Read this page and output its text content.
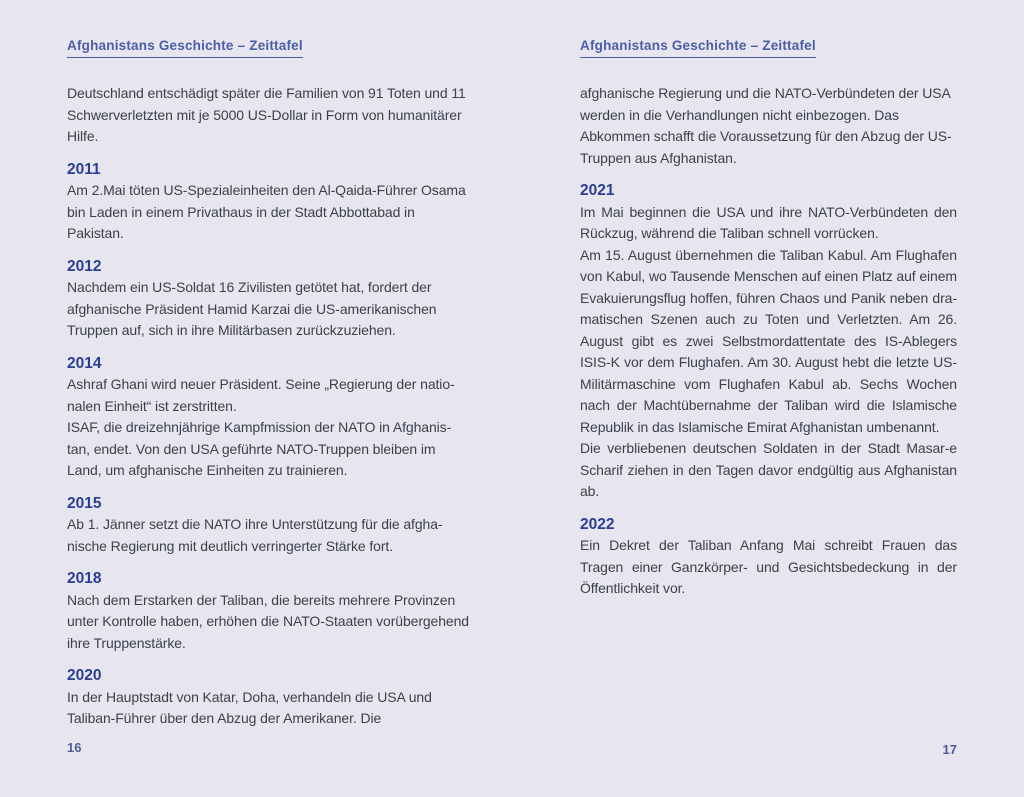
Afghanistans Geschichte – Zeittafel

Deutschland entschädigt später die Familien von 91 Toten und 11 Schwerverletzten mit je 5000 US-Dollar in Form von humanitärer Hilfe.

2011

Am 2.Mai töten US-Spezialeinheiten den Al-Qaida-Führer Osama bin Laden in einem Privathaus in der Stadt Abbottabad in Pakistan.

2012

Nachdem ein US-Soldat 16 Zivilisten getötet hat, fordert der afghanische Präsident Hamid Karzai die US-amerikanischen Truppen auf, sich in ihre Militärbasen zurückzuziehen.

2014

Ashraf Ghani wird neuer Präsident. Seine „Regierung der nationalen Einheit“ ist zerstritten.

ISAF, die dreizehnjährige Kampfmission der NATO in Afghanistan, endet. Von den USA geführte NATO-Truppen bleiben im Land, um afghanische Einheiten zu trainieren.

2015

Ab 1. Jänner setzt die NATO ihre Unterstützung für die afghanische Regierung mit deutlich verringerter Stärke fort.

2018

Nach dem Erstarken der Taliban, die bereits mehrere Provinzen unter Kontrolle haben, erhöhen die NATO-Staaten vorübergehend ihre Truppenstärke.

2020

In der Hauptstadt von Katar, Doha, verhandeln die USA und Taliban-Führer über den Abzug der Amerikaner. Die

Afghanistans Geschichte – Zeittafel

afghanische Regierung und die NATO-Verbündeten der USA werden in die Verhandlungen nicht einbezogen. Das Abkommen schafft die Voraussetzung für den Abzug der US-Truppen aus Afghanistan.

2021

Im Mai beginnen die USA und ihre NATO-Verbündeten den Rückzug, während die Taliban schnell vorrücken.

Am 15. August übernehmen die Taliban Kabul. Am Flughafen von Kabul, wo Tausende Menschen auf einen Platz auf einem Evakuierungsflug hoffen, führen Chaos und Panik neben dramatischen Szenen auch zu Toten und Verletzten. Am 26. August gibt es zwei Selbstmordattentate des IS-Ablegers ISIS-K vor dem Flughafen. Am 30. August hebt die letzte US-Militärmaschine vom Flughafen Kabul ab. Sechs Wochen nach der Machtübernahme der Taliban wird die Islamische Republik in das Islamische Emirat Afghanistan umbenannt.

Die verbliebenen deutschen Soldaten in der Stadt Masar-e Scharif ziehen in den Tagen davor endgültig aus Afghanistan ab.

2022

Ein Dekret der Taliban Anfang Mai schreibt Frauen das Tragen einer Ganzkörper- und Gesichtsbedeckung in der Öffentlichkeit vor.

16	17
